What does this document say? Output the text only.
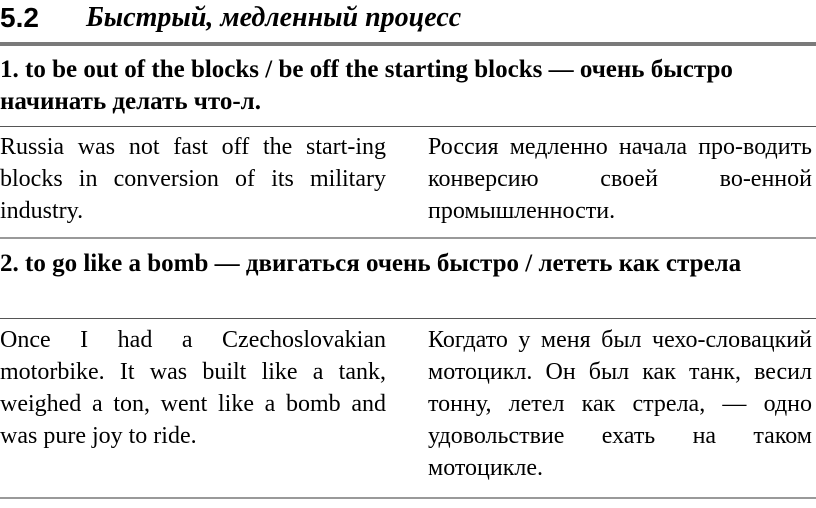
5.2 Быстрый, медленный процесс
1. to be out of the blocks / be off the starting blocks — очень быстро начинать делать что-л.
Russia was not fast off the start-ing blocks in conversion of its military industry.
Россия медленно начала про-водить конверсию своей во-енной промышленности.
2. to go like a bomb — двигаться очень быстро / лететь как стрела
Once I had a Czechoslovakian motorbike. It was built like a tank, weighed a ton, went like a bomb and was pure joy to ride.
Когдато у меня был чехо-словацкий мотоцикл. Он был как танк, весил тонну, летел как стрела, — одно удовольствие ехать на таком мотоцикле.
